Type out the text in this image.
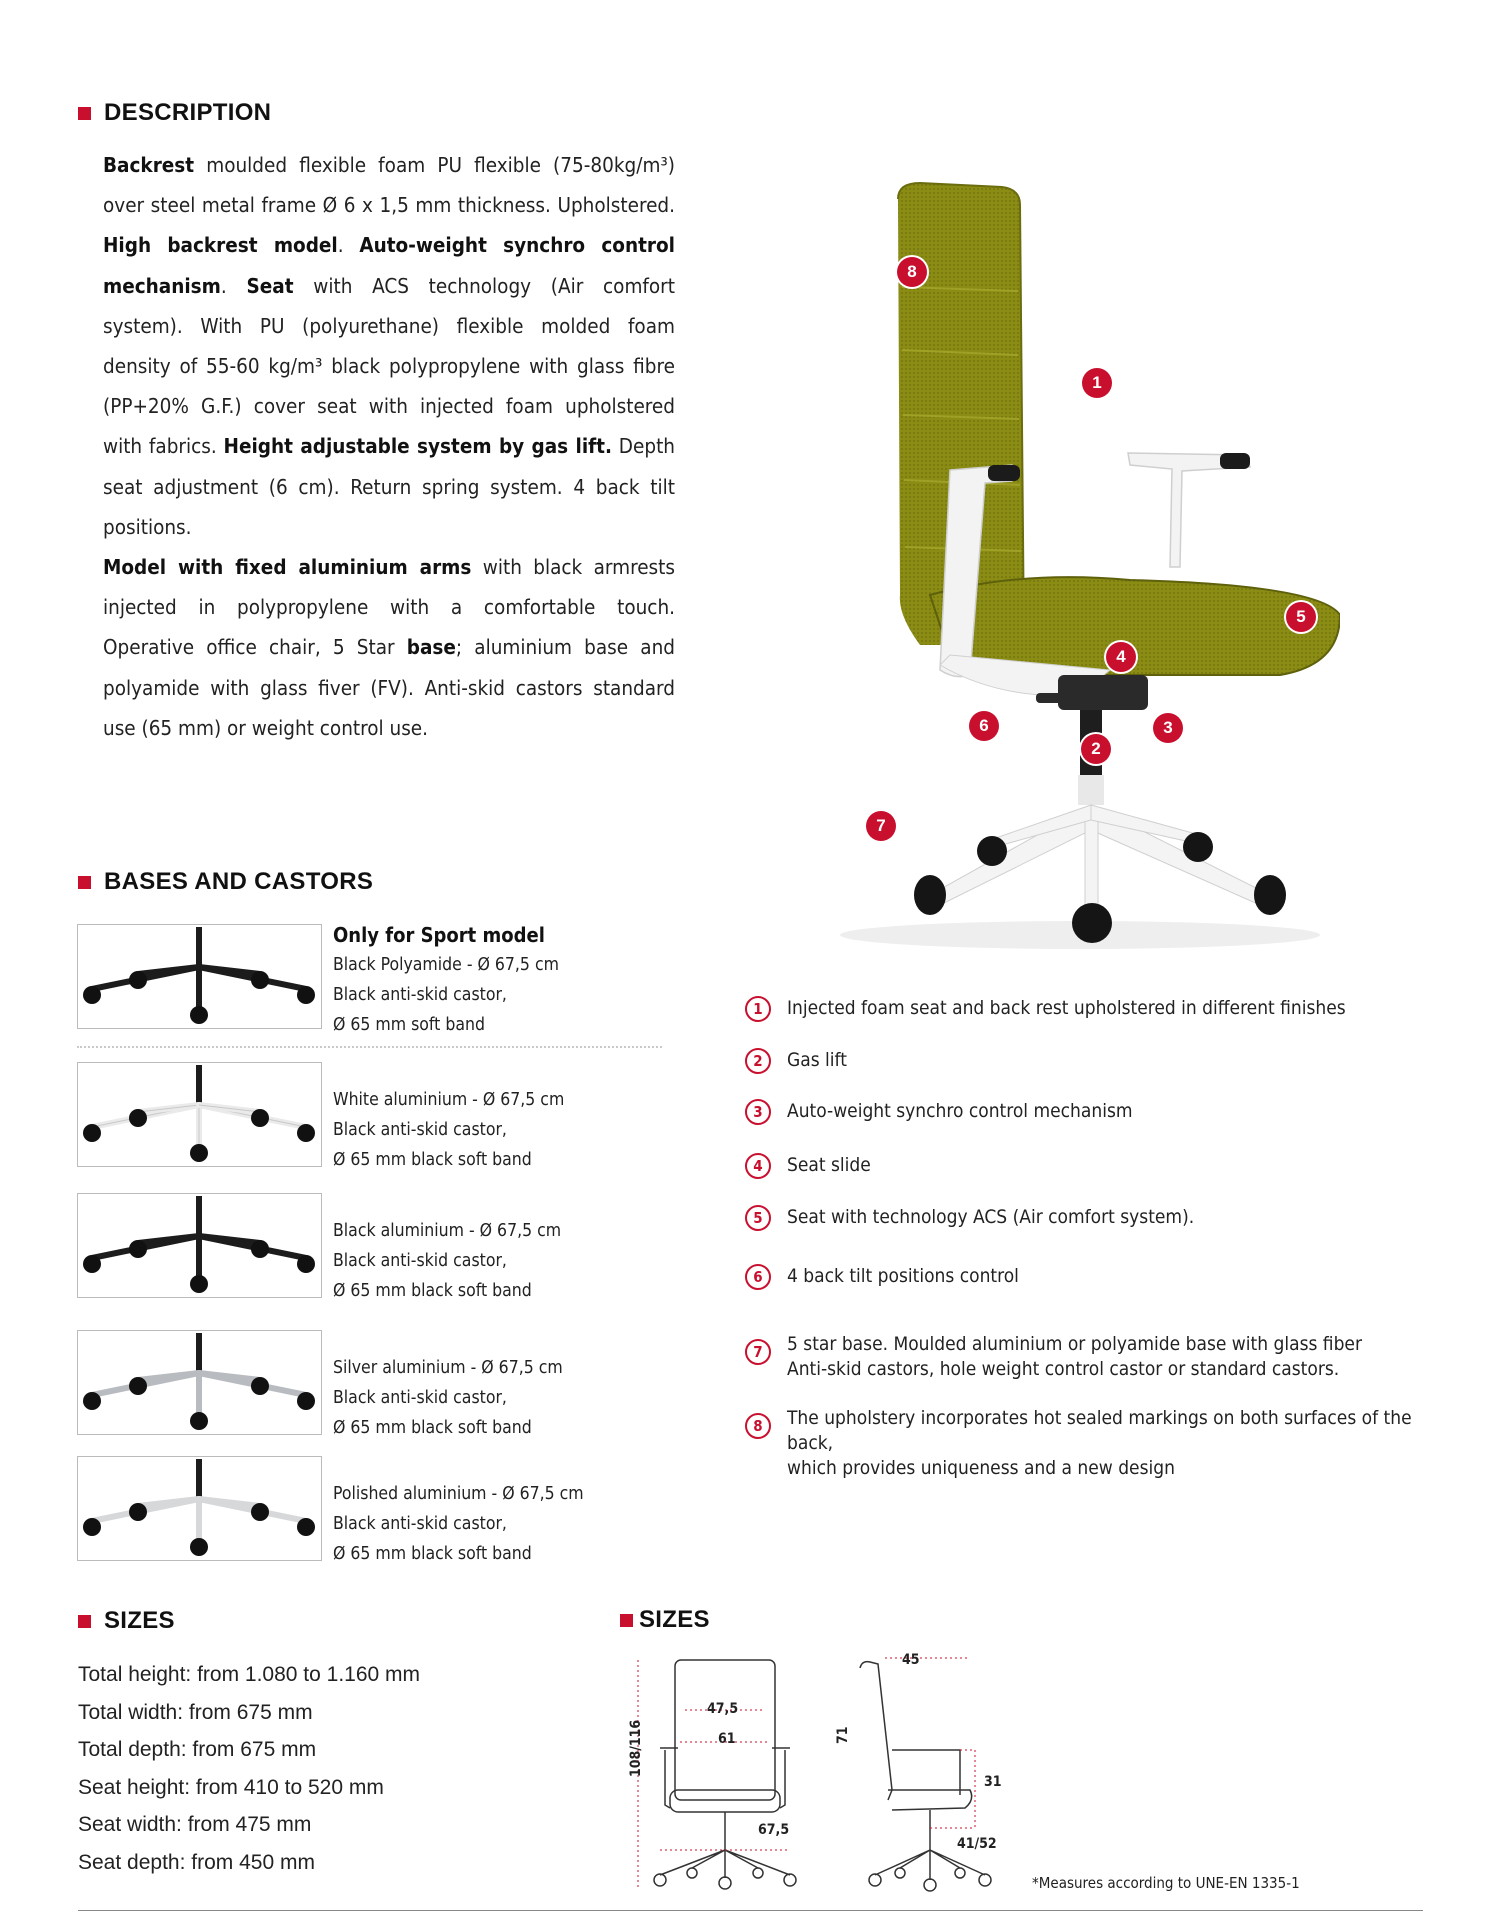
DESCRIPTION
Backrest moulded flexible foam PU flexible (75-80kg/m³) over steel metal frame Ø 6 x 1,5 mm thickness. Upholstered. High backrest model. Auto-weight synchro control mechanism. Seat with ACS technology (Air comfort system). With PU (polyurethane) flexible molded foam density of 55-60 kg/m³ black polypropylene with glass fibre (PP+20% G.F.) cover seat with injected foam upholstered with fabrics. Height adjustable system by gas lift. Depth seat adjustment (6 cm). Return spring system. 4 back tilt positions.
Model with fixed aluminium arms with black armrests injected in polypropylene with a comfortable touch. Operative office chair, 5 Star base; aluminium base and polyamide with glass fiver (FV). Anti-skid castors standard use (65 mm) or weight control use.
8
1
5
4
6	3
2
7
1	Injected foam seat and back rest upholstered in different finishes
2	Gas lift
3	Auto-weight synchro control mechanism
4	Seat slide
5	Seat with technology ACS (Air comfort system).
6	4 back tilt positions control
7	5 star base. Moulded aluminium or polyamide base with glass fiber
Anti-skid castors, hole weight control castor or standard castors.
8	The upholstery incorporates hot sealed markings on both surfaces of the back,
which provides uniqueness and a new design
BASES AND CASTORS
Only for Sport model
Black Polyamide - Ø 67,5 cm
Black anti-skid castor,
Ø 65 mm soft band
White aluminium - Ø 67,5 cm
Black anti-skid castor,
Ø 65 mm black soft band
Black aluminium - Ø 67,5 cm
Black anti-skid castor,
Ø 65 mm black soft band
Silver aluminium - Ø 67,5 cm
Black anti-skid castor,
Ø 65 mm black soft band
Polished aluminium - Ø 67,5 cm
Black anti-skid castor,
Ø 65 mm black soft band
SIZES
Total height: from 1.080 to 1.160 mm
Total width: from 675 mm
Total depth: from 675 mm
Seat height: from 410 to 520 mm
Seat width: from 475 mm
Seat depth: from 450 mm
SIZES
47,5
61
108/116
67,5
45
71
31
41/52
*Measures according to UNE-EN 1335-1
